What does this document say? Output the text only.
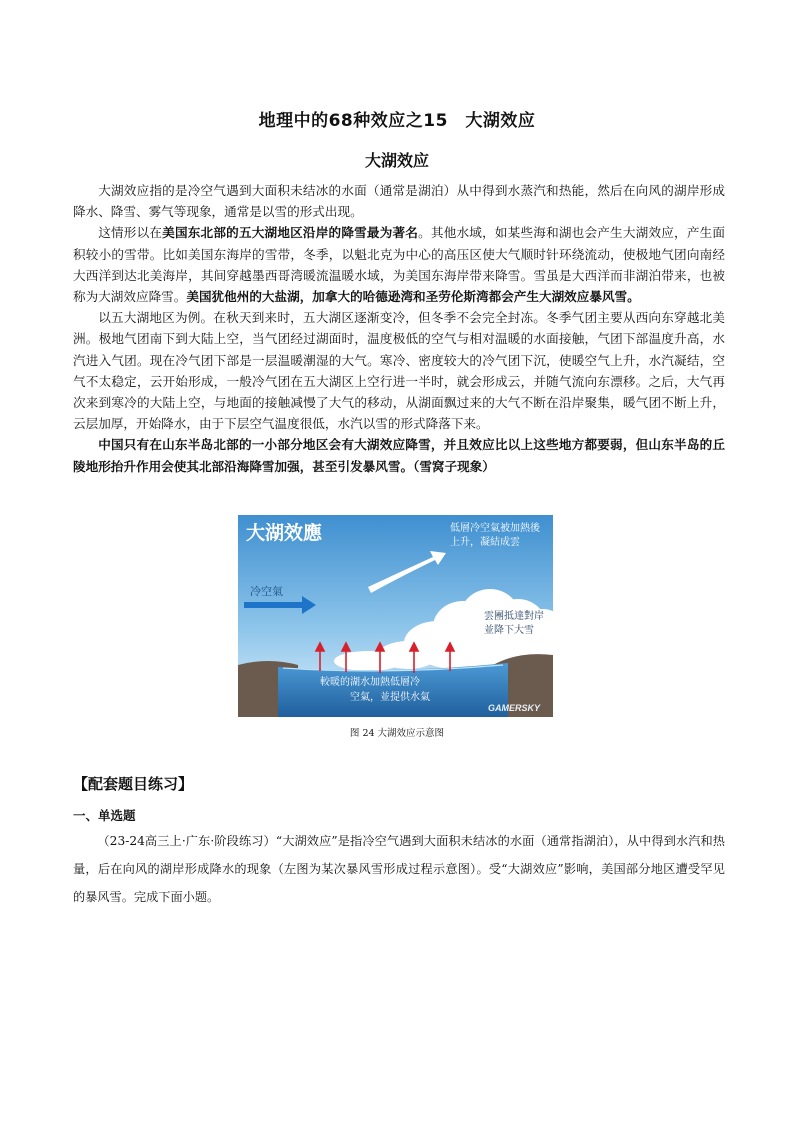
地理中的68种效应之15　大湖效应
大湖效应

大湖效应指的是冷空气遇到大面积未结冰的水面（通常是湖泊）从中得到水蒸汽和热能，然后在向风的湖岸形成降水、降雪、雾气等现象，通常是以雪的形式出现。

这情形以在美国东北部的五大湖地区沿岸的降雪最为著名。其他水域，如某些海和湖也会产生大湖效应，产生面积较小的雪带。比如美国东海岸的雪带，冬季，以魁北克为中心的高压区使大气顺时针环绕流动，使极地气团向南经大西洋到达北美海岸，其间穿越墨西哥湾暖流温暖水域，为美国东海岸带来降雪。雪虽是大西洋而非湖泊带来，也被称为大湖效应降雪。美国犹他州的大盐湖，加拿大的哈德逊湾和圣劳伦斯湾都会产生大湖效应暴风雪。

以五大湖地区为例。在秋天到来时，五大湖区逐渐变冷，但冬季不会完全封冻。冬季气团主要从西向东穿越北美洲。极地气团南下到大陆上空，当气团经过湖面时，温度极低的空气与相对温暖的水面接触，气团下部温度升高，水汽进入气团。现在冷气团下部是一层温暖潮湿的大气。寒冷、密度较大的冷气团下沉，使暖空气上升，水汽凝结，空气不太稳定，云开始形成，一般冷气团在五大湖区上空行进一半时，就会形成云，并随气流向东漂移。之后，大气再次来到寒冷的大陆上空，与地面的接触减慢了大气的移动，从湖面飘过来的大气不断在沿岸聚集，暖气团不断上升，云层加厚，开始降水，由于下层空气温度很低，水汽以雪的形式降落下来。

中国只有在山东半岛北部的一小部分地区会有大湖效应降雪，并且效应比以上这些地方都要弱，但山东半岛的丘陵地形抬升作用会使其北部沿海降雪加强，甚至引发暴风雪。（雪窝子现象）

大湖效應
冷空氣
低層冷空氣被加熱後
上升，凝結成雲
雲團抵達對岸
並降下大雪
較暖的湖水加熱低層冷
空氣，並提供水氣
GAMERSKY
图 24 大湖效应示意图
【配套题目练习】
一、单选题

（23-24高三上·广东·阶段练习）“大湖效应”是指冷空气遇到大面积未结冰的水面（通常指湖泊），从中得到水汽和热量，后在向风的湖岸形成降水的现象（左图为某次暴风雪形成过程示意图）。受“大湖效应”影响，美国部分地区遭受罕见的暴风雪。完成下面小题。
